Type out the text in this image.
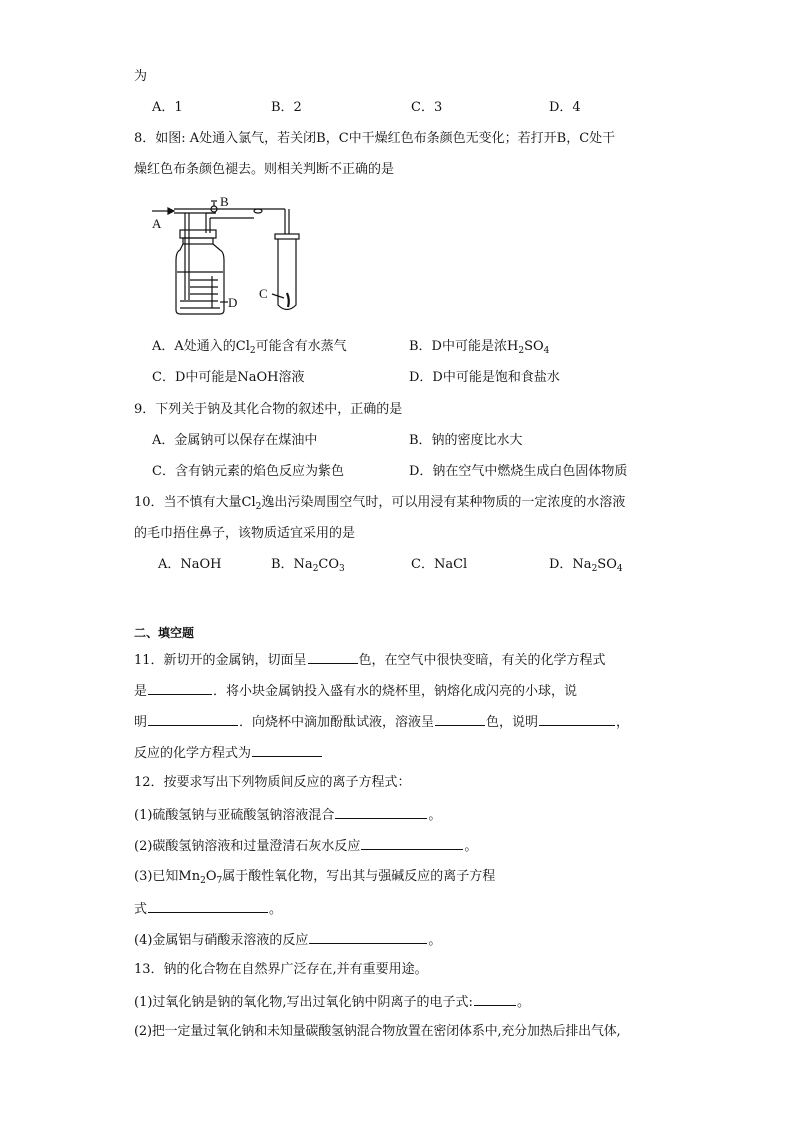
为
A．1	B．2	C．3	D．4
8．如图: A处通入氯气，若关闭B，C中干燥红色布条颜色无变化；若打开B，C处干
燥红色布条颜色褪去。则相关判断不正确的是
A
B
C
D
A．A处通入的$Cl_2$可能含有水蒸气	B．D中可能是浓$H_2SO_4$
C．D中可能是NaOH溶液	D．D中可能是饱和食盐水
9．下列关于钠及其化合物的叙述中，正确的是
A．金属钠可以保存在煤油中	B．钠的密度比水大
C．含有钠元素的焰色反应为紫色	D．钠在空气中燃烧生成白色固体物质
10．当不慎有大量$Cl_2$逸出污染周围空气时，可以用浸有某种物质的一定浓度的水溶液
的毛巾捂住鼻子，该物质适宜采用的是
A．NaOH	B．$Na_2CO_3$	C．NaCl	D．$Na_2SO_4$
二、填空题
11．新切开的金属钠，切面呈	色，在空气中很快变暗，有关的化学方程式
是	．将小块金属钠投入盛有水的烧杯里，钠熔化成闪亮的小球，说
明	．向烧杯中滴加酚酞试液，溶液呈	色，说明	，
反应的化学方程式为
12．按要求写出下列物质间反应的离子方程式：
(1)硫酸氢钠与亚硫酸氢钠溶液混合	。
(2)碳酸氢钠溶液和过量澄清石灰水反应	。
(3)已知$Mn_2O_7$属于酸性氧化物，写出其与强碱反应的离子方程
式	。
(4)金属铝与硝酸汞溶液的反应	。
13．钠的化合物在自然界广泛存在,并有重要用途。
(1)过氧化钠是钠的氧化物,写出过氧化钠中阴离子的电子式:	。
(2)把一定量过氧化钠和未知量碳酸氢钠混合物放置在密闭体系中,充分加热后排出气体,
